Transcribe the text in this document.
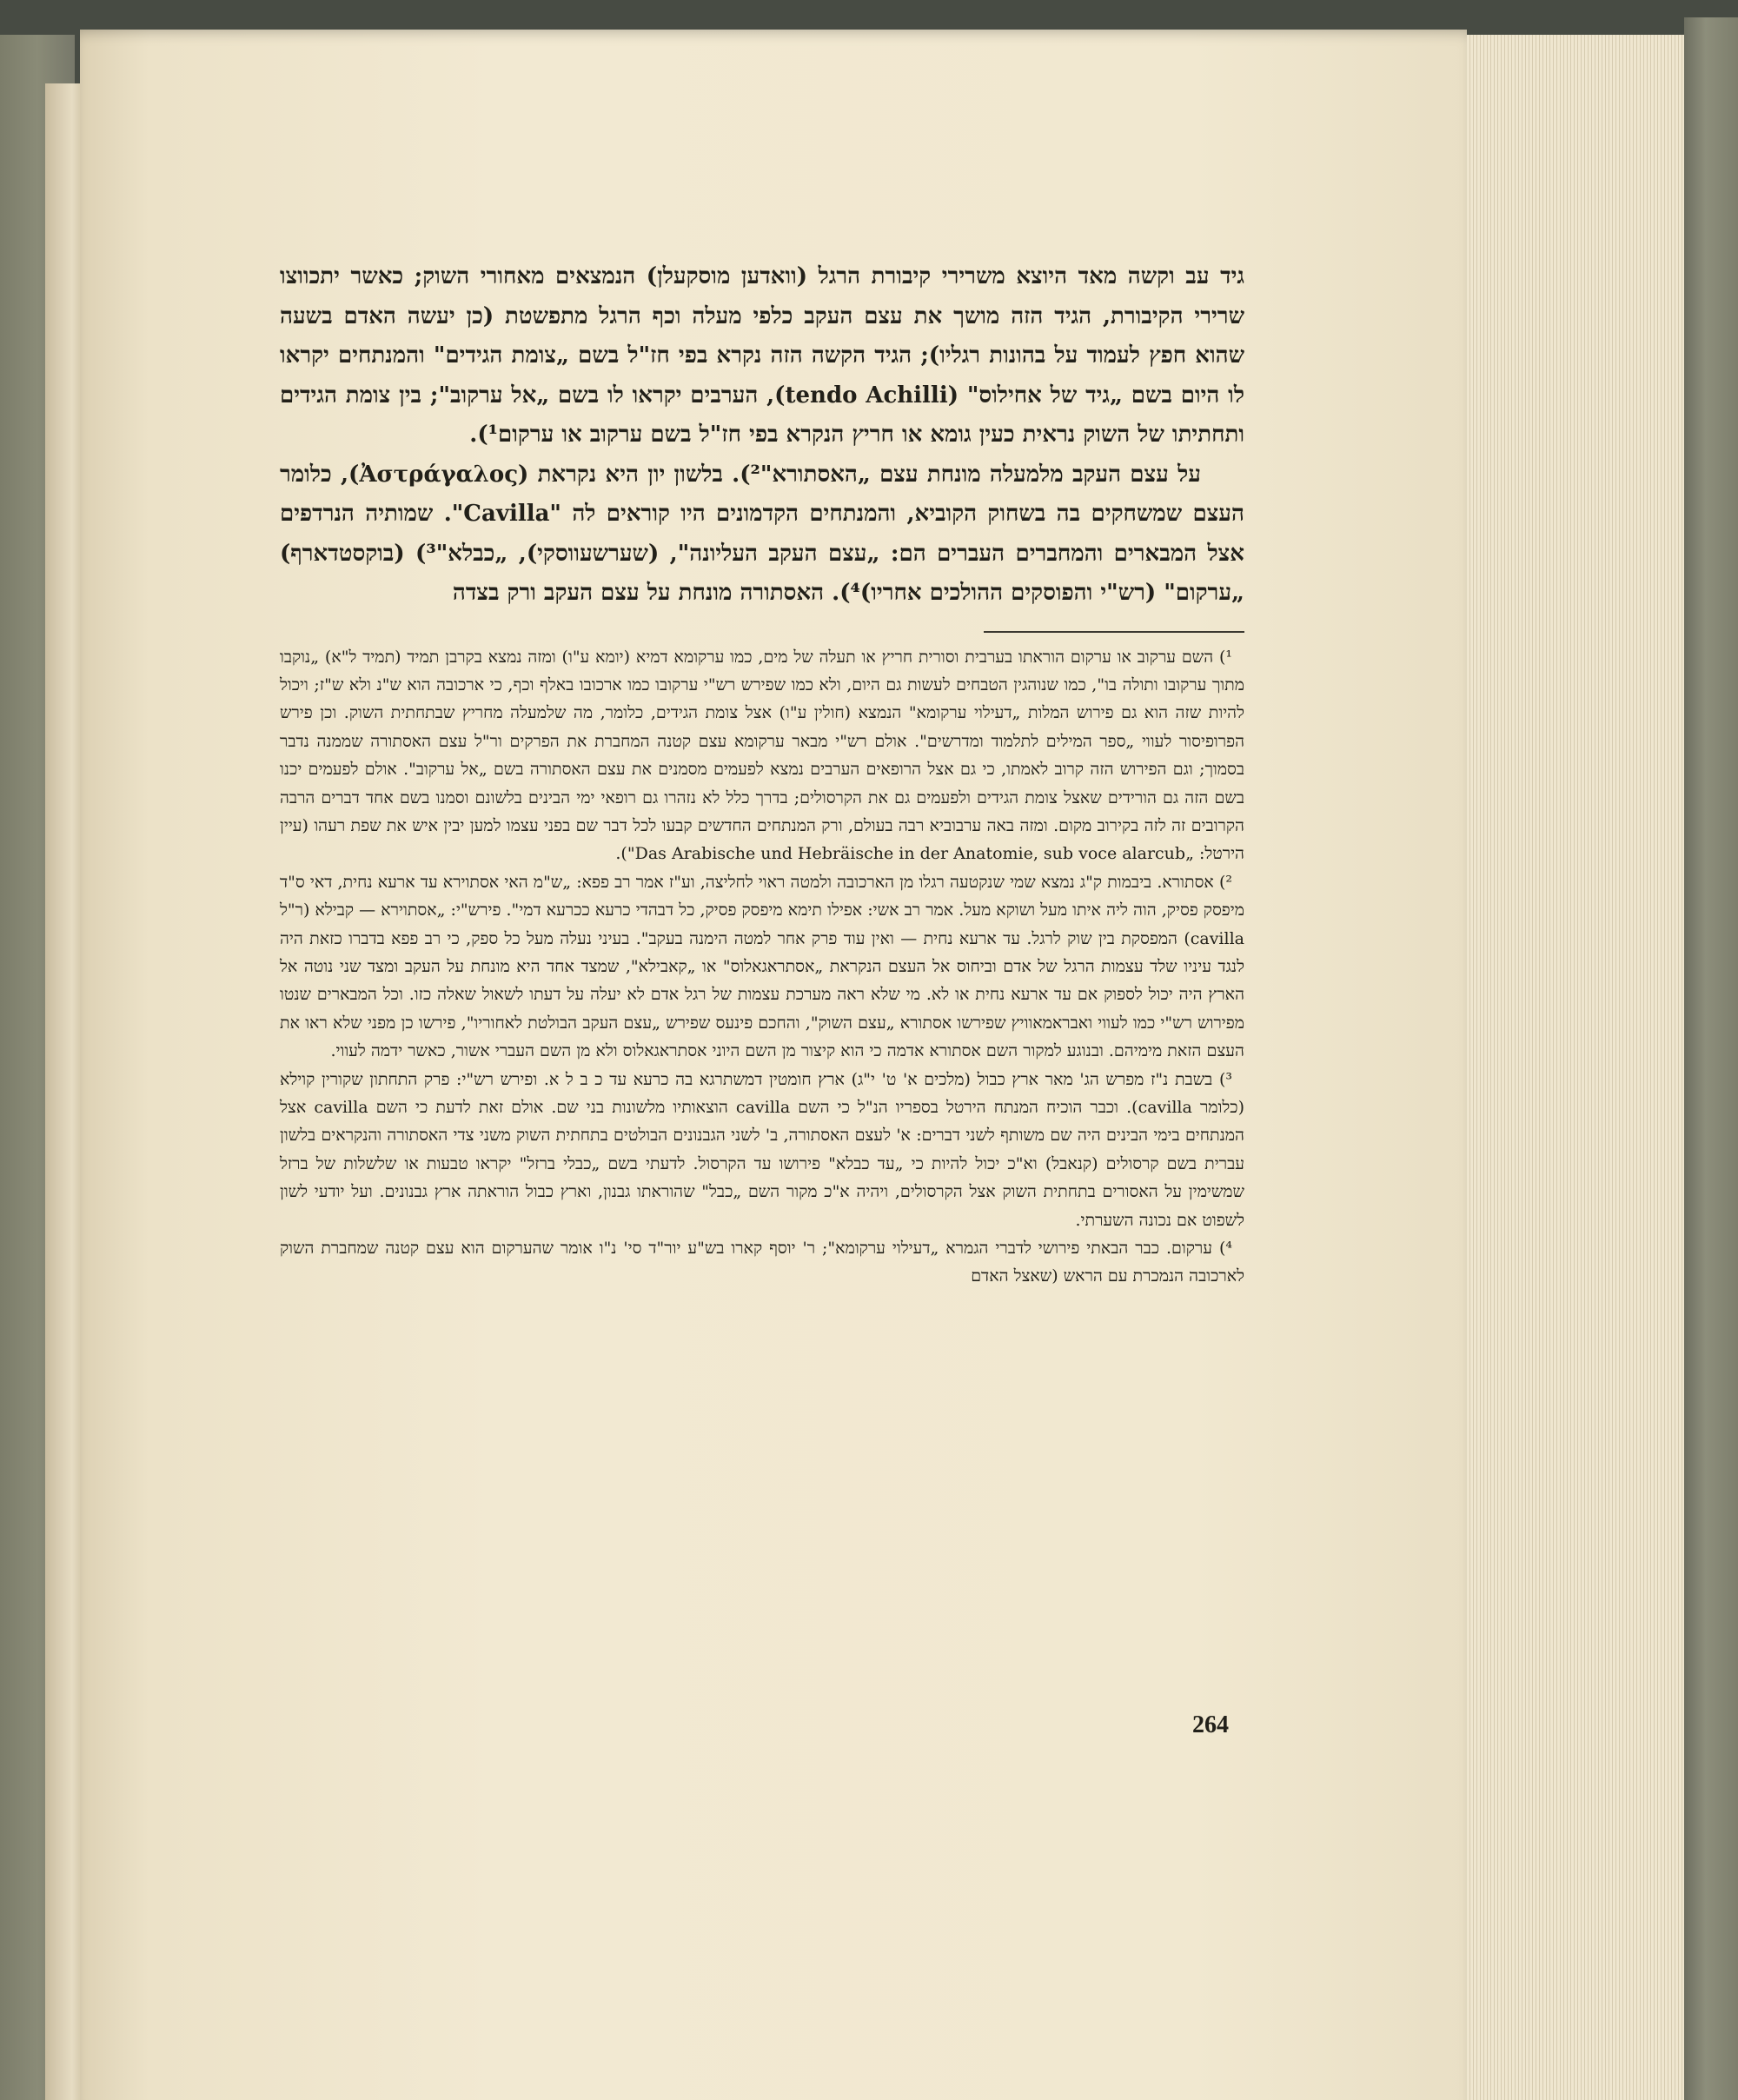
גיד עב וקשה מאד היוצא משרירי קיבורת הרגל (וואדען מוסקעלן) הנמצאים מאחורי השוק; כאשר יתכווצו שרירי הקיבורת, הגיד הזה מושך את עצם העקב כלפי מעלה וכף הרגל מתפשטת (כן יעשה האדם בשעה שהוא חפץ לעמוד על בהונות רגליו); הגיד הקשה הזה נקרא בפי חז"ל בשם „צומת הגידים" והמנתחים יקראו לו היום בשם „גיד של אחילוס" (tendo Achilli), הערבים יקראו לו בשם „אל ערקוב"; בין צומת הגידים ותחתיתו של השוק נראית כעין גומא או חריץ הנקרא בפי חז"ל בשם ערקוב או ערקום¹).

על עצם העקב מלמעלה מונחת עצם „האסתורא"²). בלשון יון היא נקראת (Ἀστράγαλος), כלומר העצם שמשחקים בה בשחוק הקוביא, והמנתחים הקדמונים היו קוראים לה "Cavilla". שמותיה הנרדפים אצל המבארים והמחברים העברים הם: „עצם העקב העליונה", (שערשעווסקי), „כבלא"³) (בוקסטדארף) „ערקום" (רש"י והפוסקים ההולכים אחריו)⁴). האסתורה מונחת על עצם העקב ורק בצדה

¹) השם ערקוב או ערקום הוראתו בערבית וסורית חריץ או תעלה של מים, כמו ערקומא דמיא (יומא ע"ו) ומזה נמצא בקרבן תמיד (תמיד ל"א) „נוקבו מתוך ערקובו ותולה בו", כמו שנוהגין הטבחים לעשות גם היום, ולא כמו שפירש רש"י ערקובו כמו ארכובו באלף וכף, כי ארכובה הוא ש"נ ולא ש"ז; ויכול להיות שזה הוא גם פירוש המלות „דעילוי ערקומא" הנמצא (חולין ע"ו) אצל צומת הגידים, כלומר, מה שלמעלה מחריץ שבתחתית השוק. וכן פירש הפרופיסור לעווי „ספר המילים לתלמוד ומדרשים". אולם רש"י מבאר ערקומא עצם קטנה המחברת את הפרקים ור"ל עצם האסתורה שממנה נדבר בסמוך; וגם הפירוש הזה קרוב לאמתו, כי גם אצל הרופאים הערבים נמצא לפעמים מסמנים את עצם האסתורה בשם „אל ערקוב". אולם לפעמים יכנו בשם הזה גם הורידים שאצל צומת הגידים ולפעמים גם את הקרסולים; בדרך כלל לא נזהרו גם רופאי ימי הבינים בלשונם וסמנו בשם אחד דברים הרבה הקרובים זה לזה בקירוב מקום. ומזה באה ערבוביא רבה בעולם, ורק המנתחים החדשים קבעו לכל דבר שם בפני עצמו למען יבין איש את שפת רעהו (עיין הירטל: „Das Arabische und Hebräische in der Anatomie, sub voce alarcub").

²) אסתורא. ביבמות ק"ג נמצא שמי שנקטעה רגלו מן הארכובה ולמטה ראוי לחליצה, וע"ז אמר רב פפא: „ש"מ האי אסתוירא עד ארעא נחית, דאי ס"ד מיפסק פסיק, הוה ליה איתו מעל ושוקא מעל. אמר רב אשי: אפילו תימא מיפסק פסיק, כל דבהדי כרעא ככרעא דמי". פירש"י: „אסתוירא — קבילא (ר"ל cavilla) המפסקת בין שוק לרגל. עד ארעא נחית — ואין עוד פרק אחר למטה הימנה בעקב". בעיני נעלה מעל כל ספק, כי רב פפא בדברו כזאת היה לנגד עיניו שלד עצמות הרגל של אדם וביחוס אל העצם הנקראת „אסתראגאלוס" או „קאבילא", שמצד אחד היא מונחת על העקב ומצד שני נוטה אל הארץ היה יכול לספוק אם עד ארעא נחית או לא. מי שלא ראה מערכת עצמות של רגל אדם לא יעלה על דעתו לשאול שאלה כזו. וכל המבארים שנטו מפירוש רש"י כמו לעווי ואבראמאוויץ שפירשו אסתורא „עצם השוק", והחכם פינעס שפירש „עצם העקב הבולטת לאחוריו", פירשו כן מפני שלא ראו את העצם הזאת מימיהם. ובנוגע למקור השם אסתורא אדמה כי הוא קיצור מן השם היוני אסתראגאלוס ולא מן השם העברי אשור, כאשר ידמה לעווי.

³) בשבת נ"ז מפרש הג' מאר ארץ כבול (מלכים א' ט' י"ג) ארץ חומטין דמשתרגא בה כרעא עד כ ב ל א. ופירש רש"י: פרק התחתון שקורין קוילא (כלומר cavilla). וכבר הוכיח המנתח הירטל בספריו הנ"ל כי השם cavilla הוצאותיו מלשונות בני שם. אולם זאת לדעת כי השם cavilla אצל המנתחים בימי הבינים היה שם משותף לשני דברים: א' לעצם האסתורה, ב' לשני הגבנונים הבולטים בתחתית השוק משני צדי האסתורה והנקראים בלשון עברית בשם קרסולים (קנאבל) וא"כ יכול להיות כי „עד כבלא" פירושו עד הקרסול. לדעתי בשם „כבלי ברזל" יקראו טבעות או שלשלות של ברזל שמשימין על האסורים בתחתית השוק אצל הקרסולים, ויהיה א"כ מקור השם „כבל" שהוראתו גבנון, וארץ כבול הוראתה ארץ גבנונים. ועל יודעי לשון לשפוט אם נכונה השערתי.

⁴) ערקום. כבר הבאתי פירושי לדברי הגמרא „דעילוי ערקומא"; ר' יוסף קארו בש"ע יור"ד סי' נ"ו אומר שהערקום הוא עצם קטנה שמחברת השוק לארכובה הנמכרת עם הראש (שאצל האדם

264
